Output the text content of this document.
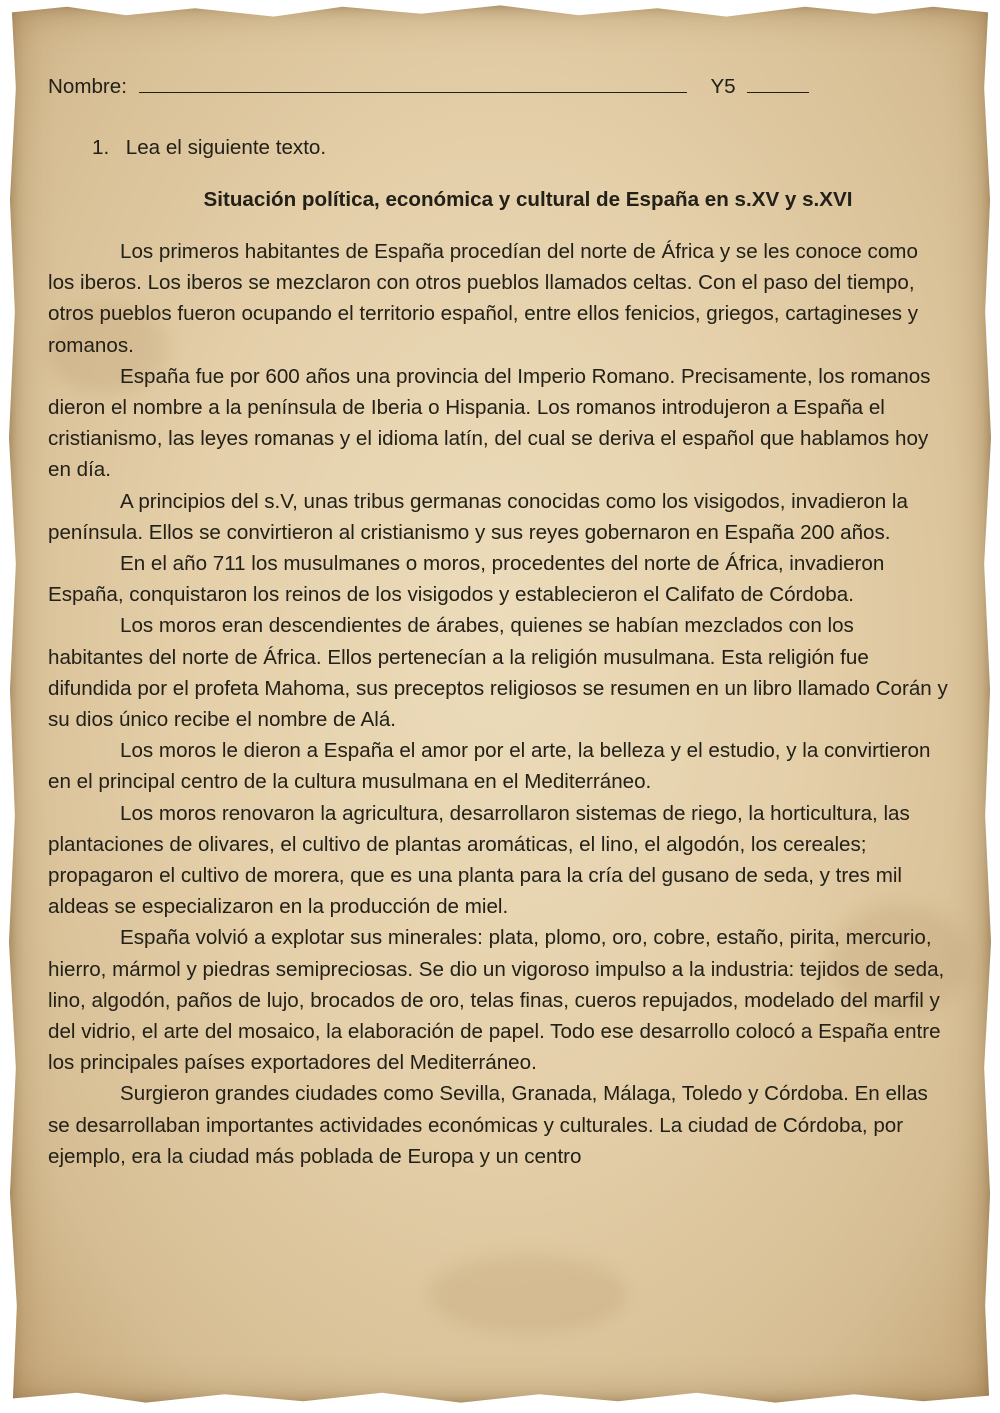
Nombre:	Y5
1. Lea el siguiente texto.
Situación política, económica y cultural de España en s.XV y s.XVI

Los primeros habitantes de España procedían del norte de África y se les conoce como los iberos. Los iberos se mezclaron con otros pueblos llamados celtas. Con el paso del tiempo, otros pueblos fueron ocupando el territorio español, entre ellos fenicios, griegos, cartagineses y romanos.

España fue por 600 años una provincia del Imperio Romano. Precisamente, los romanos dieron el nombre a la península de Iberia o Hispania. Los romanos introdujeron a España el cristianismo, las leyes romanas y el idioma latín, del cual se deriva el español que hablamos hoy en día.

A principios del s.V, unas tribus germanas conocidas como los visigodos, invadieron la península. Ellos se convirtieron al cristianismo y sus reyes gobernaron en España 200 años.

En el año 711 los musulmanes o moros, procedentes del norte de África, invadieron España, conquistaron los reinos de los visigodos y establecieron el Califato de Córdoba.

Los moros eran descendientes de árabes, quienes se habían mezclados con los habitantes del norte de África. Ellos pertenecían a la religión musulmana. Esta religión fue difundida por el profeta Mahoma, sus preceptos religiosos se resumen en un libro llamado Corán y su dios único recibe el nombre de Alá.

Los moros le dieron a España el amor por el arte, la belleza y el estudio, y la convirtieron en el principal centro de la cultura musulmana en el Mediterráneo.

Los moros renovaron la agricultura, desarrollaron sistemas de riego, la horticultura, las plantaciones de olivares, el cultivo de plantas aromáticas, el lino, el algodón, los cereales; propagaron el cultivo de morera, que es una planta para la cría del gusano de seda, y tres mil aldeas se especializaron en la producción de miel.

España volvió a explotar sus minerales: plata, plomo, oro, cobre, estaño, pirita, mercurio, hierro, mármol y piedras semipreciosas. Se dio un vigoroso impulso a la industria: tejidos de seda, lino, algodón, paños de lujo, brocados de oro, telas finas, cueros repujados, modelado del marfil y del vidrio, el arte del mosaico, la elaboración de papel. Todo ese desarrollo colocó a España entre los principales países exportadores del Mediterráneo.

Surgieron grandes ciudades como Sevilla, Granada, Málaga, Toledo y Córdoba. En ellas se desarrollaban importantes actividades económicas y culturales. La ciudad de Córdoba, por ejemplo, era la ciudad más poblada de Europa y un centro
